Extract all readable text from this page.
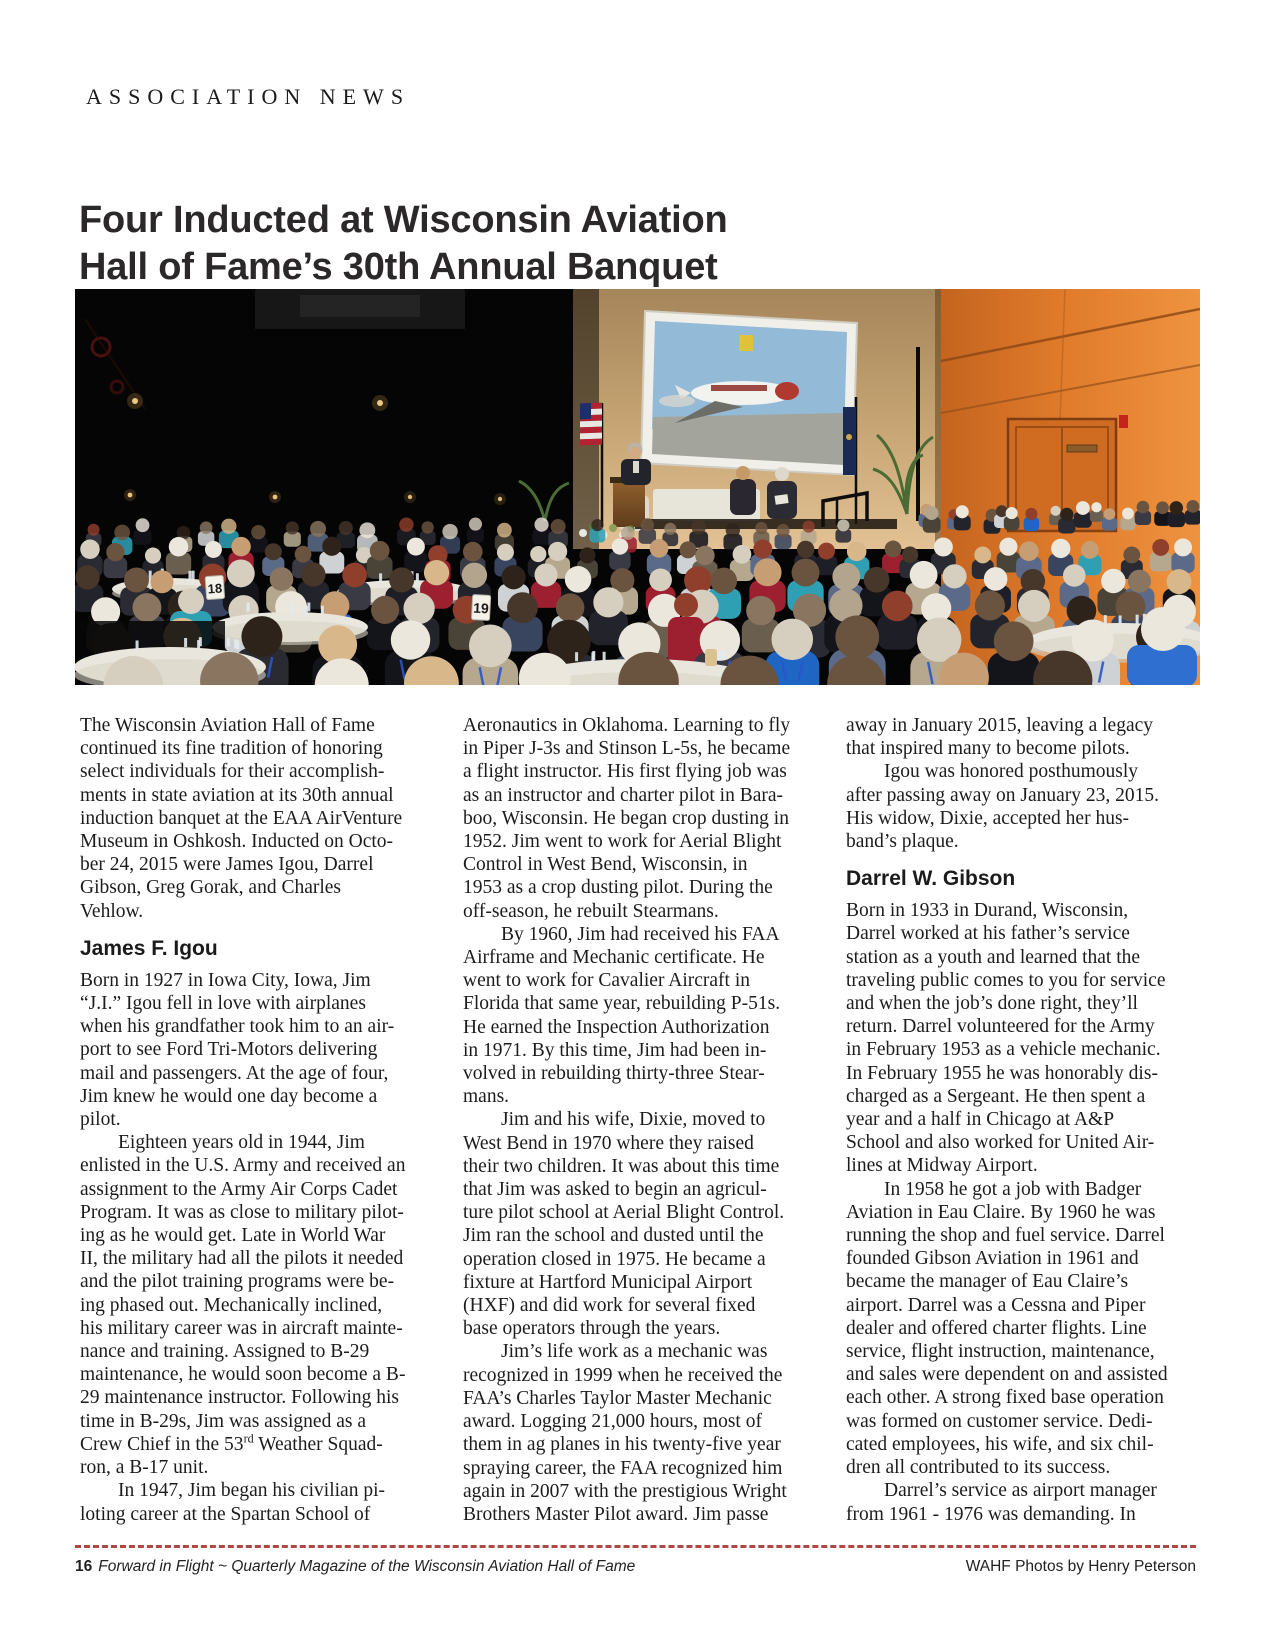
ASSOCIATION NEWS
Four Inducted at Wisconsin Aviation
Hall of Fame’s 30th Annual Banquet
18
19
The Wisconsin Aviation Hall of Fame
continued its fine tradition of honoring
select individuals for their accomplish-
ments in state aviation at its 30th annual
induction banquet at the EAA AirVenture
Museum in Oshkosh. Inducted on Octo-
ber 24, 2015 were James Igou, Darrel
Gibson, Greg Gorak, and Charles
Vehlow.
James F. Igou
Born in 1927 in Iowa City, Iowa, Jim
“J.I.” Igou fell in love with airplanes
when his grandfather took him to an air-
port to see Ford Tri-Motors delivering
mail and passengers. At the age of four,
Jim knew he would one day become a
pilot.
Eighteen years old in 1944, Jim
enlisted in the U.S. Army and received an
assignment to the Army Air Corps Cadet
Program. It was as close to military pilot-
ing as he would get. Late in World War
II, the military had all the pilots it needed
and the pilot training programs were be-
ing phased out. Mechanically inclined,
his military career was in aircraft mainte-
nance and training. Assigned to B-29
maintenance, he would soon become a B-
29 maintenance instructor. Following his
time in B-29s, Jim was assigned as a
Crew Chief in the 53rd Weather Squad-
ron, a B-17 unit.
In 1947, Jim began his civilian pi-
loting career at the Spartan School of
Aeronautics in Oklahoma. Learning to fly
in Piper J-3s and Stinson L-5s, he became
a flight instructor. His first flying job was
as an instructor and charter pilot in Bara-
boo, Wisconsin. He began crop dusting in
1952. Jim went to work for Aerial Blight
Control in West Bend, Wisconsin, in
1953 as a crop dusting pilot. During the
off-season, he rebuilt Stearmans.
By 1960, Jim had received his FAA
Airframe and Mechanic certificate. He
went to work for Cavalier Aircraft in
Florida that same year, rebuilding P-51s.
He earned the Inspection Authorization
in 1971. By this time, Jim had been in-
volved in rebuilding thirty-three Stear-
mans.
Jim and his wife, Dixie, moved to
West Bend in 1970 where they raised
their two children. It was about this time
that Jim was asked to begin an agricul-
ture pilot school at Aerial Blight Control.
Jim ran the school and dusted until the
operation closed in 1975. He became a
fixture at Hartford Municipal Airport
(HXF) and did work for several fixed
base operators through the years.
Jim’s life work as a mechanic was
recognized in 1999 when he received the
FAA’s Charles Taylor Master Mechanic
award. Logging 21,000 hours, most of
them in ag planes in his twenty-five year
spraying career, the FAA recognized him
again in 2007 with the prestigious Wright
Brothers Master Pilot award. Jim passe
away in January 2015, leaving a legacy
that inspired many to become pilots.
Igou was honored posthumously
after passing away on January 23, 2015.
His widow, Dixie, accepted her hus-
band’s plaque.
Darrel W. Gibson
Born in 1933 in Durand, Wisconsin,
Darrel worked at his father’s service
station as a youth and learned that the
traveling public comes to you for service
and when the job’s done right, they’ll
return. Darrel volunteered for the Army
in February 1953 as a vehicle mechanic.
In February 1955 he was honorably dis-
charged as a Sergeant. He then spent a
year and a half in Chicago at A&P
School and also worked for United Air-
lines at Midway Airport.
In 1958 he got a job with Badger
Aviation in Eau Claire. By 1960 he was
running the shop and fuel service. Darrel
founded Gibson Aviation in 1961 and
became the manager of Eau Claire’s
airport. Darrel was a Cessna and Piper
dealer and offered charter flights. Line
service, flight instruction, maintenance,
and sales were dependent on and assisted
each other. A strong fixed base operation
was formed on customer service. Dedi-
cated employees, his wife, and six chil-
dren all contributed to its success.
Darrel’s service as airport manager
from 1961 - 1976 was demanding. In
16 Forward in Flight ~ Quarterly Magazine of the Wisconsin Aviation Hall of Fame	WAHF Photos by Henry Peterson
